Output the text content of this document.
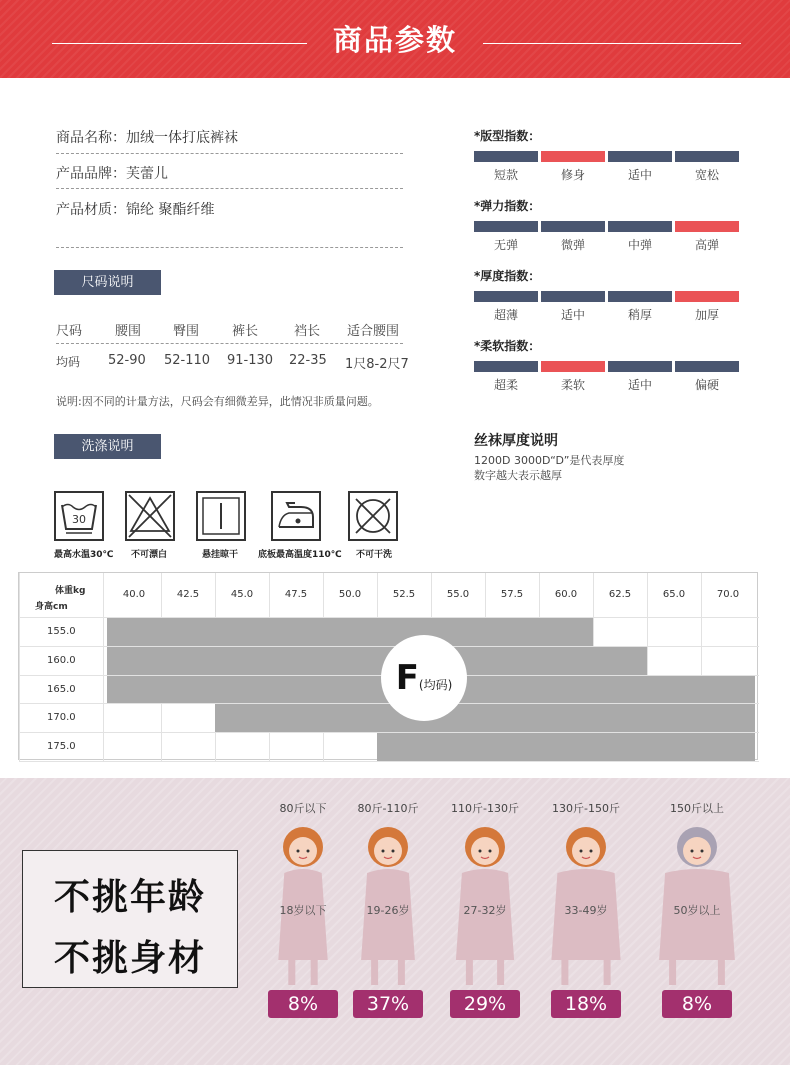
商品参数
商品名称：加绒一体打底裤袜
产品品牌：芙蕾儿
产品材质：锦纶 聚酯纤维
尺码说明
尺码	腰围 臀围	裤长	裆长 适合腰围
均码 52-90 52-110 91-130 22-35 1尺8-2尺7
说明:因不同的计量方法，尺码会有细微差异，此情况非质量问题。
洗涤说明
30
最高水温30℃ 不可漂白	悬挂晾干 底板最高温度110℃ 不可干洗
*版型指数：
短款	修身	适中	宽松
*弹力指数：
无弹	微弹	中弹	高弹
*厚度指数：
超薄	适中	稍厚	加厚
*柔软指数：
超柔	柔软	适中	偏硬
丝袜厚度说明
1200D 3000D“D”是代表厚度
数字越大表示越厚
体重kg
身高cm
40.0	42.5	45.0	47.5	50.0	52.5	55.0	57.5	60.0	62.5	65.0	70.0
155.0
160.0
165.0
170.0
175.0
F(均码)
不挑年龄
不挑身材
80斤以下
18岁以下
8%
80斤-110斤
19-26岁
37%
110斤-130斤
27-32岁
29%
130斤-150斤
33-49岁
18%
150斤以上
50岁以上
8%
